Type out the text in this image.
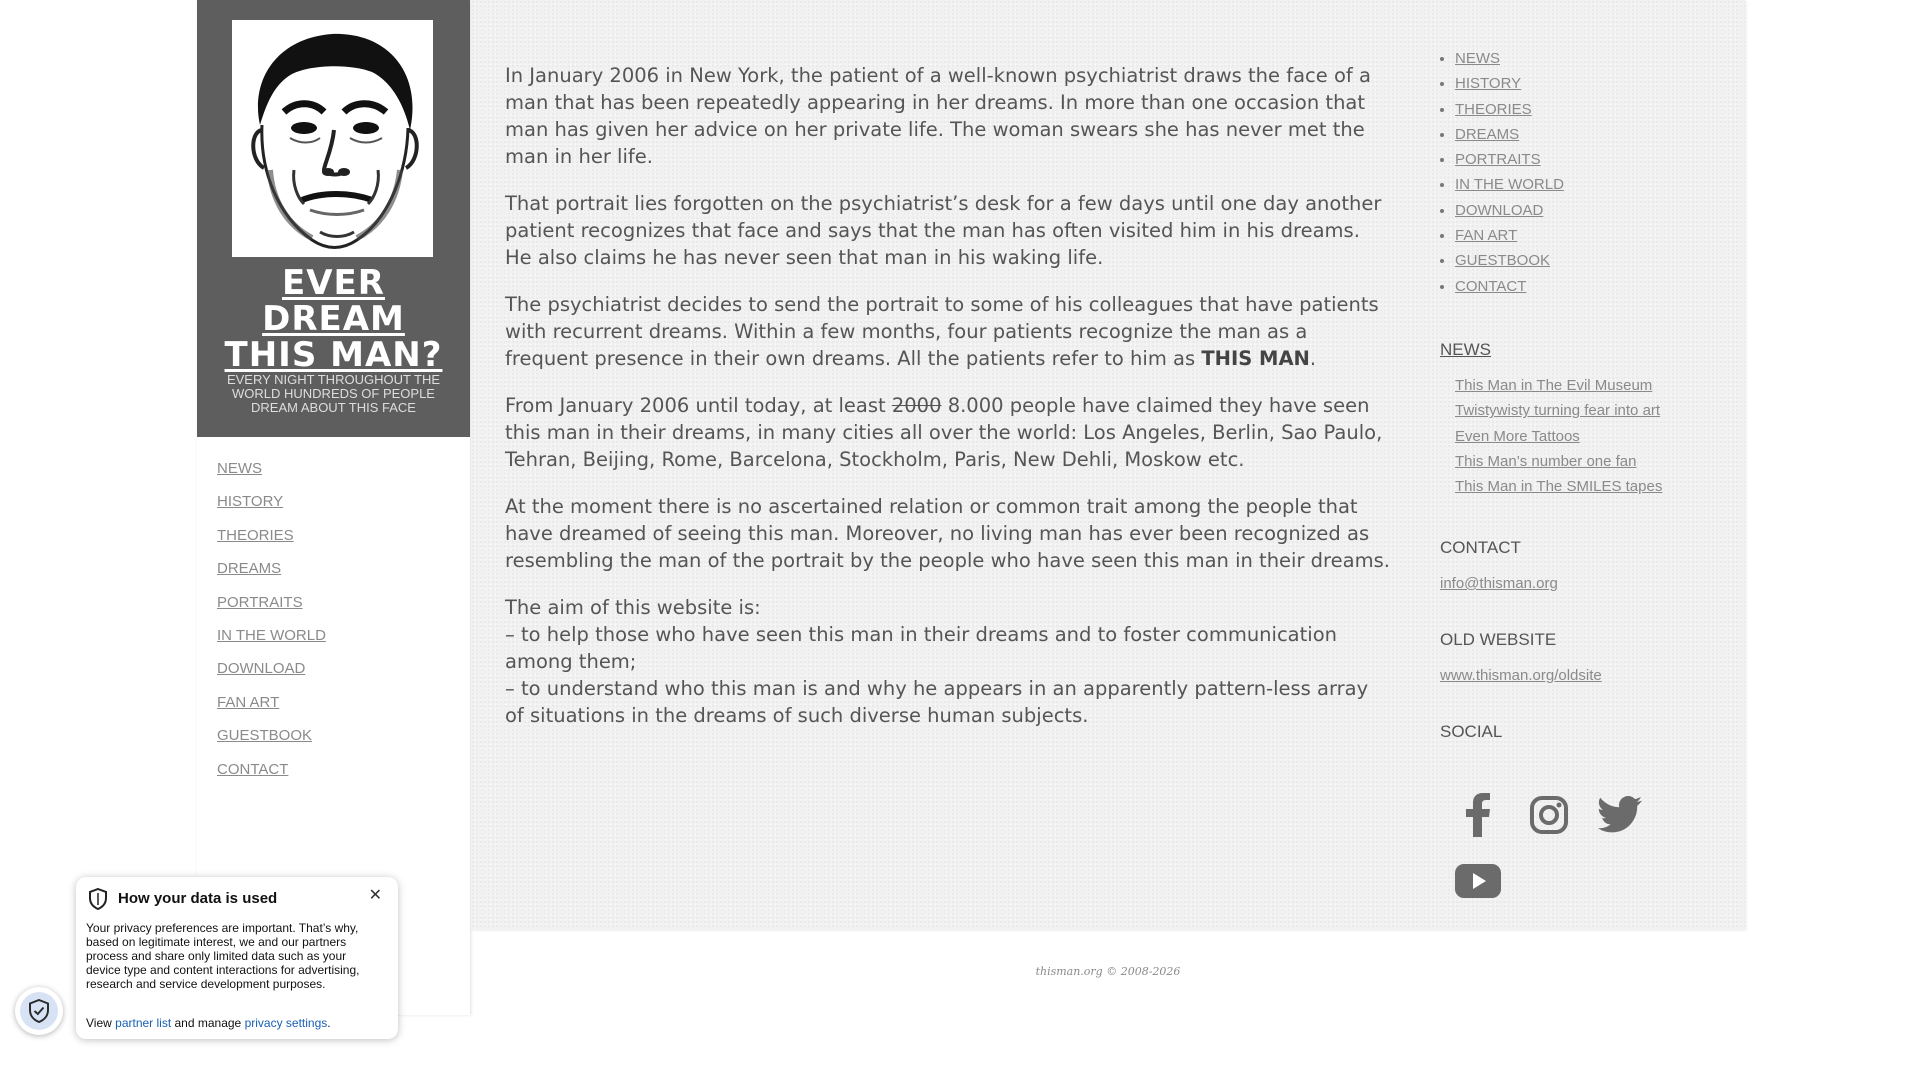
EVER
DREAM
THIS MAN?
EVERY NIGHT THROUGHOUT THE WORLD HUNDREDS OF PEOPLE DREAM ABOUT THIS FACE
NEWS
HISTORY
THEORIES
DREAMS
PORTRAITS
IN THE WORLD
DOWNLOAD
FAN ART
GUESTBOOK
CONTACT

In January 2006 in New York, the patient of a well-known psychiatrist draws the face of a man that has been repeatedly appearing in her dreams. In more than one occasion that man has given her advice on her private life. The woman swears she has never met the man in her life.

That portrait lies forgotten on the psychiatrist’s desk for a few days until one day another patient recognizes that face and says that the man has often visited him in his dreams. He also claims he has never seen that man in his waking life.

The psychiatrist decides to send the portrait to some of his colleagues that have patients with recurrent dreams. Within a few months, four patients recognize the man as a frequent presence in their own dreams. All the patients refer to him as THIS MAN.

From January 2006 until today, at least 2000 8.000 people have claimed they have seen this man in their dreams, in many cities all over the world: Los Angeles, Berlin, Sao Paulo, Tehran, Beijing, Rome, Barcelona, Stockholm, Paris, New Dehli, Moskow etc.

At the moment there is no ascertained relation or common trait among the people that have dreamed of seeing this man. Moreover, no living man has ever been recognized as resembling the man of the portrait by the people who have seen this man in their dreams.

The aim of this website is:
– to help those who have seen this man in their dreams and to foster communication among them;
– to understand who this man is and why he appears in an apparently pattern-less array of situations in the dreams of such diverse human subjects.

• NEWS
• HISTORY
• THEORIES
• DREAMS
• PORTRAITS
• IN THE WORLD
• DOWNLOAD
• FAN ART
• GUESTBOOK
• CONTACT
NEWS
This Man in The Evil Museum
Twistywisty turning fear into art
Even More Tattoos
This Man’s number one fan
This Man in The SMILES tapes
CONTACT
info@thisman.org
OLD WEBSITE
www.thisman.org/oldsite
SOCIAL
thisman.org © 2008-2026
How your data is used	✕
Your privacy preferences are important. That’s why, based on legitimate interest, we and our partners process and share only limited data such as your device type and content interactions for advertising, research and service development purposes.
View partner list and manage privacy settings.
